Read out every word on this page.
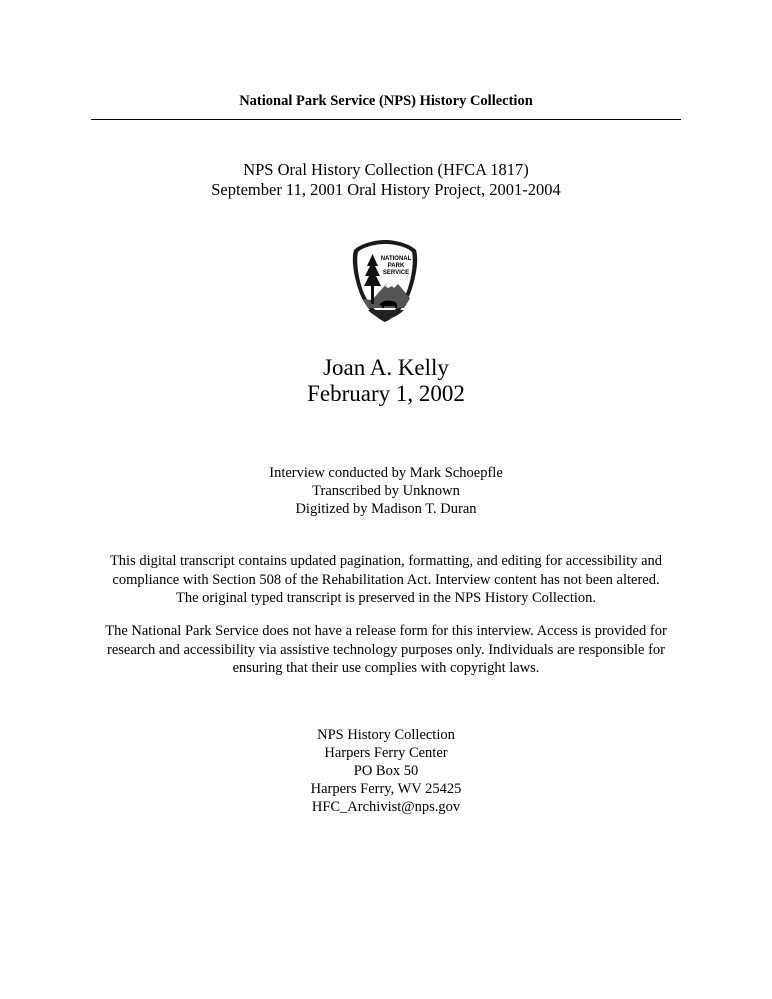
National Park Service (NPS) History Collection
NPS Oral History Collection (HFCA 1817)
September 11, 2001 Oral History Project, 2001-2004
NATIONAL
PARK
SERVICE
Joan A. Kelly
February 1, 2002
Interview conducted by Mark Schoepfle
Transcribed by Unknown
Digitized by Madison T. Duran
This digital transcript contains updated pagination, formatting, and editing for accessibility and
compliance with Section 508 of the Rehabilitation Act. Interview content has not been altered.
The original typed transcript is preserved in the NPS History Collection.
The National Park Service does not have a release form for this interview. Access is provided for
research and accessibility via assistive technology purposes only. Individuals are responsible for
ensuring that their use complies with copyright laws.
NPS History Collection
Harpers Ferry Center
PO Box 50
Harpers Ferry, WV 25425
HFC_Archivist@nps.gov
